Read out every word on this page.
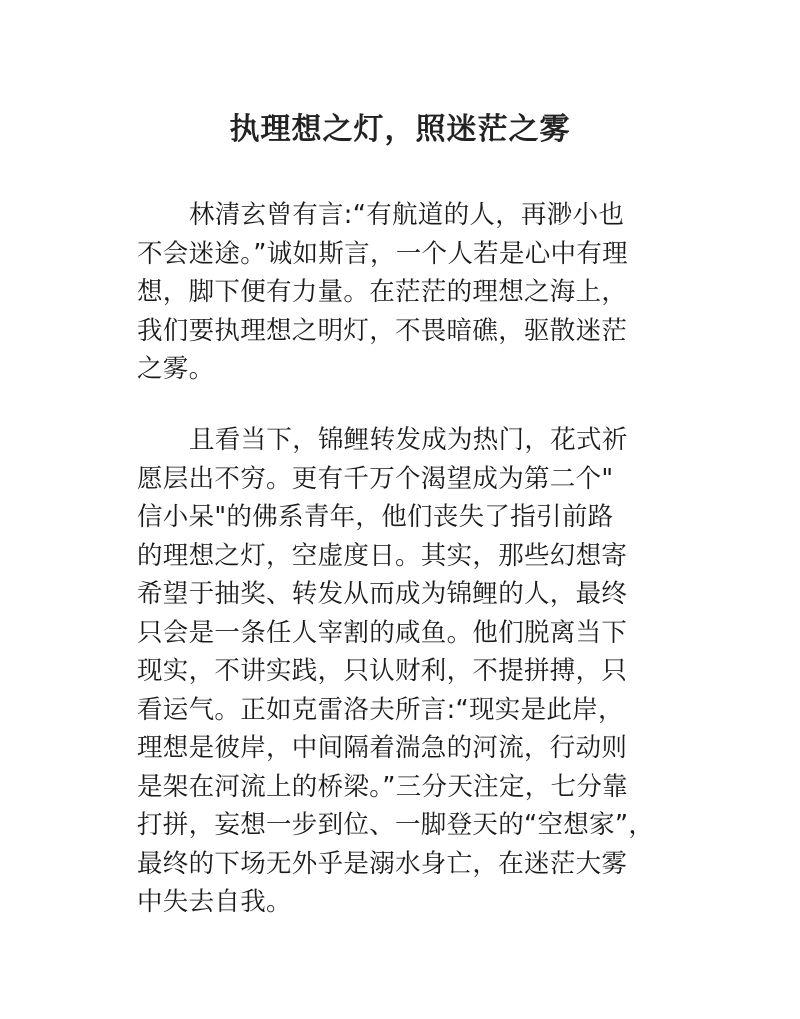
执理想之灯，照迷茫之雾
林清玄曾有言:“有航道的人，再渺小也
不会迷途。”诚如斯言，一个人若是心中有理
想，脚下便有力量。在茫茫的理想之海上，
我们要执理想之明灯，不畏暗礁，驱散迷茫
之雾。
且看当下，锦鲤转发成为热门，花式祈
愿层出不穷。更有千万个渴望成为第二个"
信小呆"的佛系青年，他们丧失了指引前路
的理想之灯，空虚度日。其实，那些幻想寄
希望于抽奖、转发从而成为锦鲤的人，最终
只会是一条任人宰割的咸鱼。他们脱离当下
现实，不讲实践，只认财利，不提拼搏，只
看运气。正如克雷洛夫所言:“现实是此岸，
理想是彼岸，中间隔着湍急的河流，行动则
是架在河流上的桥梁。”三分天注定，七分靠
打拼，妄想一步到位、一脚登天的“空想家”，
最终的下场无外乎是溺水身亡，在迷茫大雾
中失去自我。
